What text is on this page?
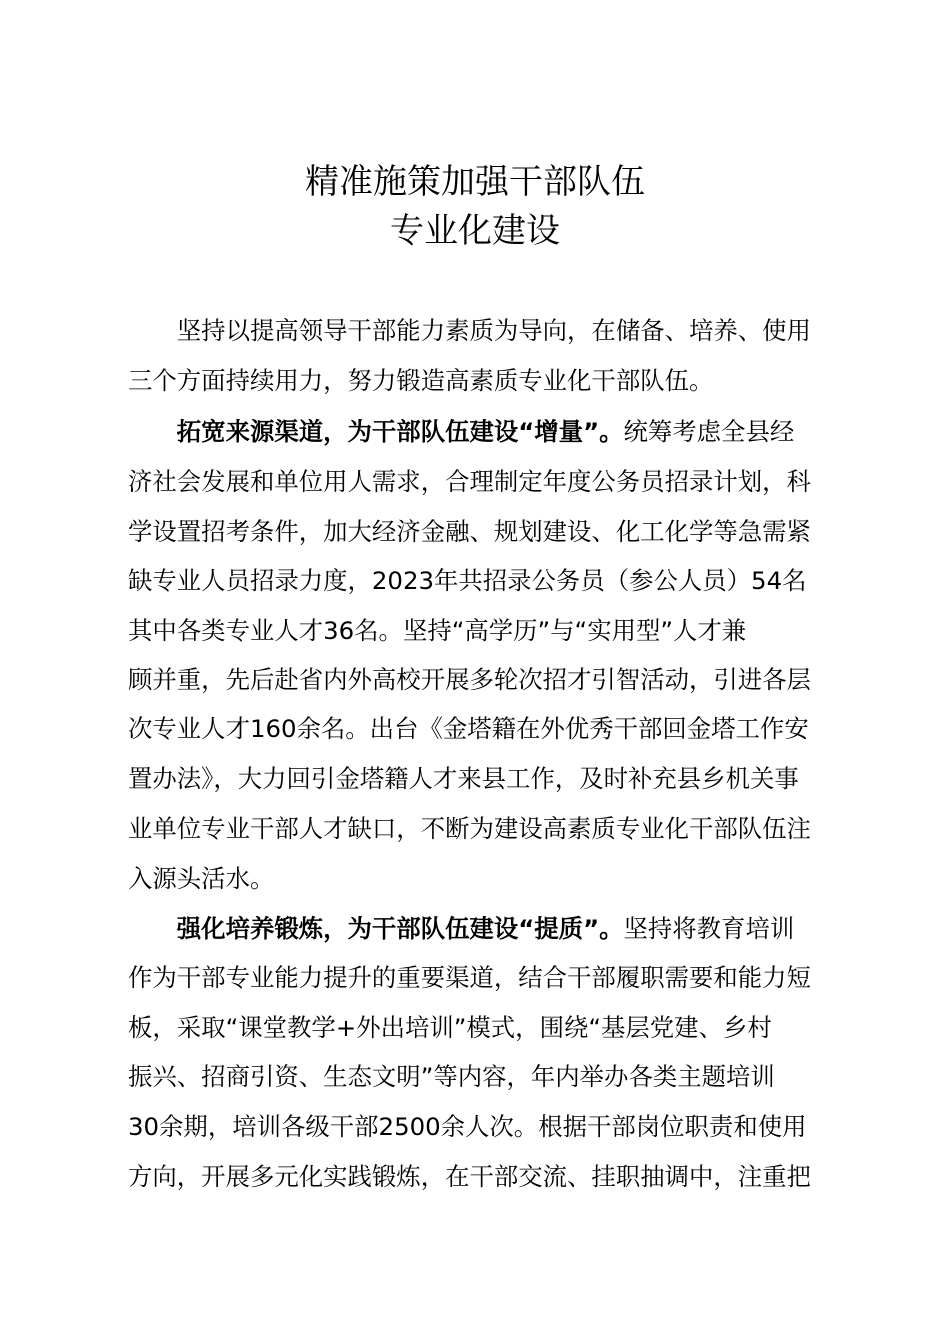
精准施策加强干部队伍
专业化建设

　　坚持以提高领导干部能力素质为导向，在储备、培养、使用

三个方面持续用力，努力锻造高素质专业化干部队伍。

　　拓宽来源渠道，为干部队伍建设“增量”。统筹考虑全县经

济社会发展和单位用人需求，合理制定年度公务员招录计划，科

学设置招考条件，加大经济金融、规划建设、化工化学等急需紧

缺专业人员招录力度，2023年共招录公务员（参公人员）54名

其中各类专业人才36名。坚持“高学历”与“实用型”人才兼

顾并重，先后赴省内外高校开展多轮次招才引智活动，引进各层

次专业人才160余名。出台《金塔籍在外优秀干部回金塔工作安

置办法》，大力回引金塔籍人才来县工作，及时补充县乡机关事

业单位专业干部人才缺口，不断为建设高素质专业化干部队伍注

入源头活水。

　　强化培养锻炼，为干部队伍建设“提质”。坚持将教育培训

作为干部专业能力提升的重要渠道，结合干部履职需要和能力短

板，采取“课堂教学+外出培训”模式，围绕“基层党建、乡村

振兴、招商引资、生态文明”等内容，年内举办各类主题培训

30余期，培训各级干部2500余人次。根据干部岗位职责和使用

方向，开展多元化实践锻炼，在干部交流、挂职抽调中，注重把
